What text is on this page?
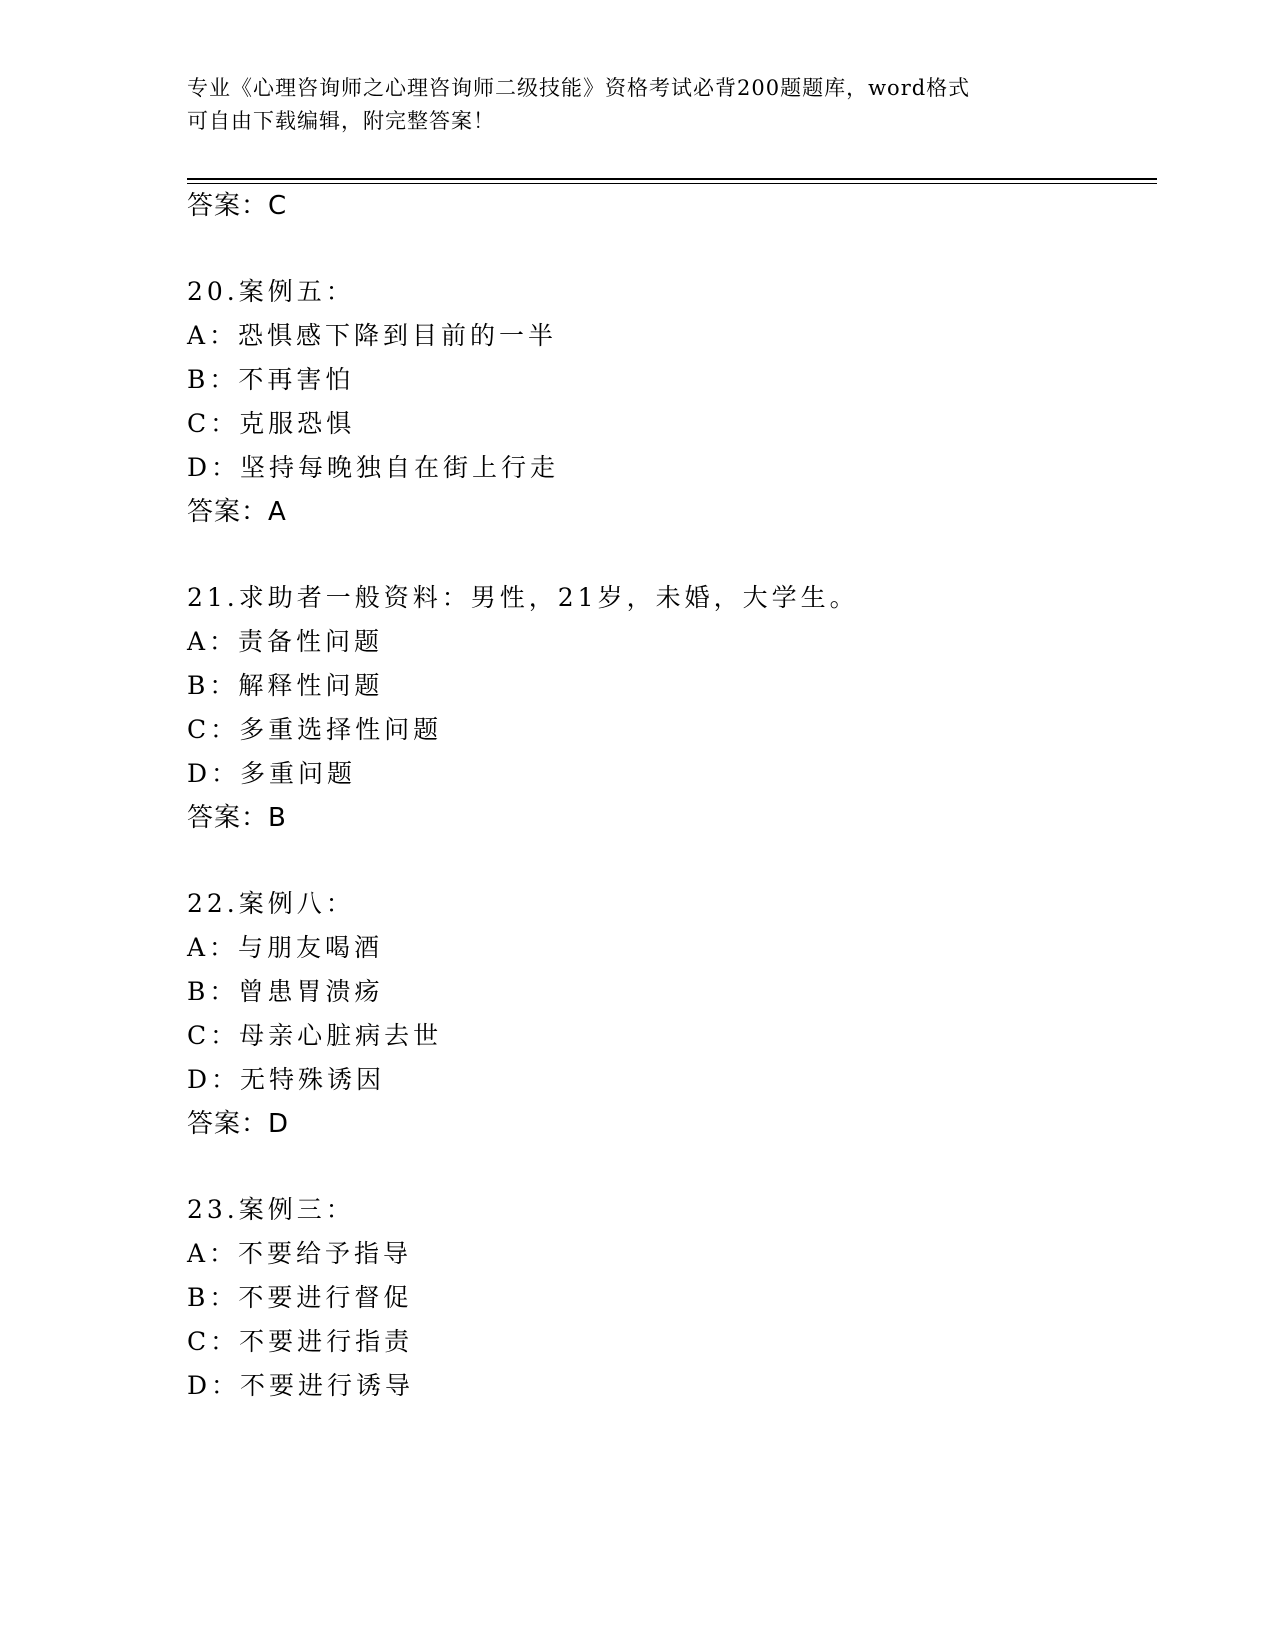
专业《心理咨询师之心理咨询师二级技能》资格考试必背200题题库，word格式
可自由下载编辑，附完整答案！
答案：C
20.案例五：
A：恐惧感下降到目前的一半
B：不再害怕
C：克服恐惧
D：坚持每晚独自在街上行走
答案：A
21.求助者一般资料：男性，21岁，未婚，大学生。
A：责备性问题
B：解释性问题
C：多重选择性问题
D：多重问题
答案：B
22.案例八：
A：与朋友喝酒
B：曾患胃溃疡
C：母亲心脏病去世
D：无特殊诱因
答案：D
23.案例三：
A：不要给予指导
B：不要进行督促
C：不要进行指责
D：不要进行诱导
